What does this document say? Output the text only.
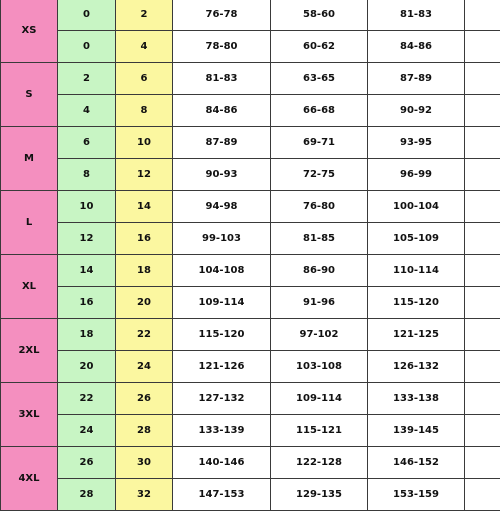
XS	0	2	76-78	58-60	81-83	
	0	4	78-80	60-62	84-86	
S	2	6	81-83	63-65	87-89	
	4	8	84-86	66-68	90-92	
M	6	10	87-89	69-71	93-95	
	8	12	90-93	72-75	96-99	
L	10	14	94-98	76-80	100-104	
	12	16	99-103	81-85	105-109	
XL	14	18	104-108	86-90	110-114	
	16	20	109-114	91-96	115-120	
2XL	18	22	115-120	97-102	121-125	
	20	24	121-126	103-108	126-132	
3XL	22	26	127-132	109-114	133-138	
	24	28	133-139	115-121	139-145	
4XL	26	30	140-146	122-128	146-152	
	28	32	147-153	129-135	153-159	
